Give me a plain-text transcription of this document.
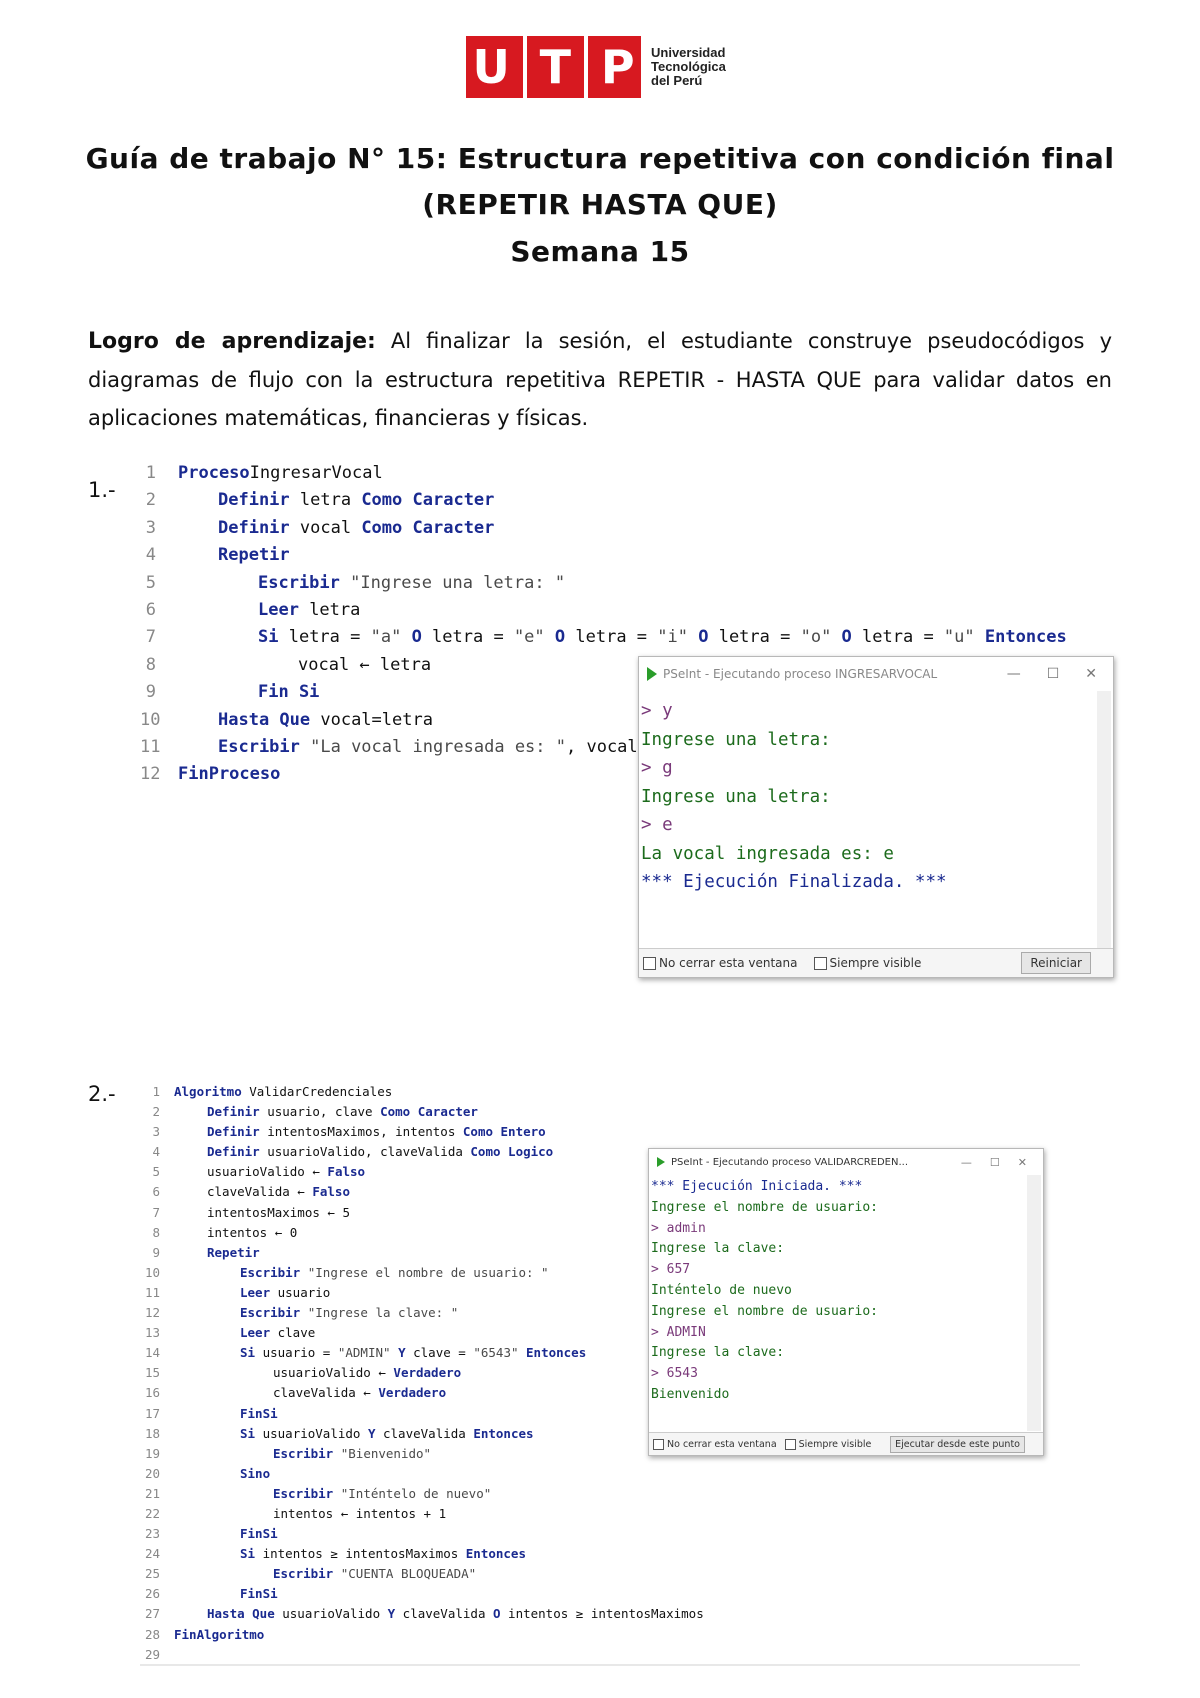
U T P Universidad
Tecnológica
del Perú
Guía de trabajo N° 15: Estructura repetitiva con condición final
(REPETIR HASTA QUE)
Semana 15
Logro de aprendizaje: Al finalizar la sesión, el estudiante construye pseudocódigos y diagramas de flujo con la estructura repetitiva REPETIR - HASTA QUE para validar datos en aplicaciones matemáticas, financieras y físicas.
1.-
1 ProcesoIngresarVocal
2	Definir letra Como Caracter
3	Definir vocal Como Caracter
4	Repetir
5	Escribir "Ingrese una letra: "
6	Leer letra
7	Si letra = "a" O letra = "e" O letra = "i" O letra = "o" O letra = "u" Entonces
8	vocal ← letra
9	Fin Si
10	Hasta Que vocal=letra
11	Escribir "La vocal ingresada es: ", vocal
12 FinProceso
PSeInt - Ejecutando proceso INGRESARVOCAL	— ☐ ✕
> y
Ingrese una letra:
> g
Ingrese una letra:
> e
La vocal ingresada es: e
*** Ejecución Finalizada. ***
No cerrar esta ventana	Siempre visible	Reiniciar
2.-	1 Algoritmo ValidarCredenciales
2	Definir usuario, clave Como Caracter
3	Definir intentosMaximos, intentos Como Entero
4	Definir usuarioValido, claveValida Como Logico
5	usuarioValido ← Falso
6	claveValida ← Falso
7	intentosMaximos ← 5
8	intentos ← 0
9	Repetir
10	Escribir "Ingrese el nombre de usuario: "
11	Leer usuario
12	Escribir "Ingrese la clave: "
13	Leer clave
14	Si usuario = "ADMIN" Y clave = "6543" Entonces
15	usuarioValido ← Verdadero
16	claveValida ← Verdadero
17	FinSi
18	Si usuarioValido Y claveValida Entonces
19	Escribir "Bienvenido"
20	Sino
21	Escribir "Inténtelo de nuevo"
22	intentos ← intentos + 1
23	FinSi
24	Si intentos ≥ intentosMaximos Entonces
25	Escribir "CUENTA BLOQUEADA"
26	FinSi
27	Hasta Que usuarioValido Y claveValida O intentos ≥ intentosMaximos
28 FinAlgoritmo
29
PSeInt - Ejecutando proceso VALIDARCREDEN...	— ☐ ✕
*** Ejecución Iniciada. ***
Ingrese el nombre de usuario:
> admin
Ingrese la clave:
> 657
Inténtelo de nuevo
Ingrese el nombre de usuario:
> ADMIN
Ingrese la clave:
> 6543
Bienvenido
No cerrar esta ventana Siempre visible	Ejecutar desde este punto
